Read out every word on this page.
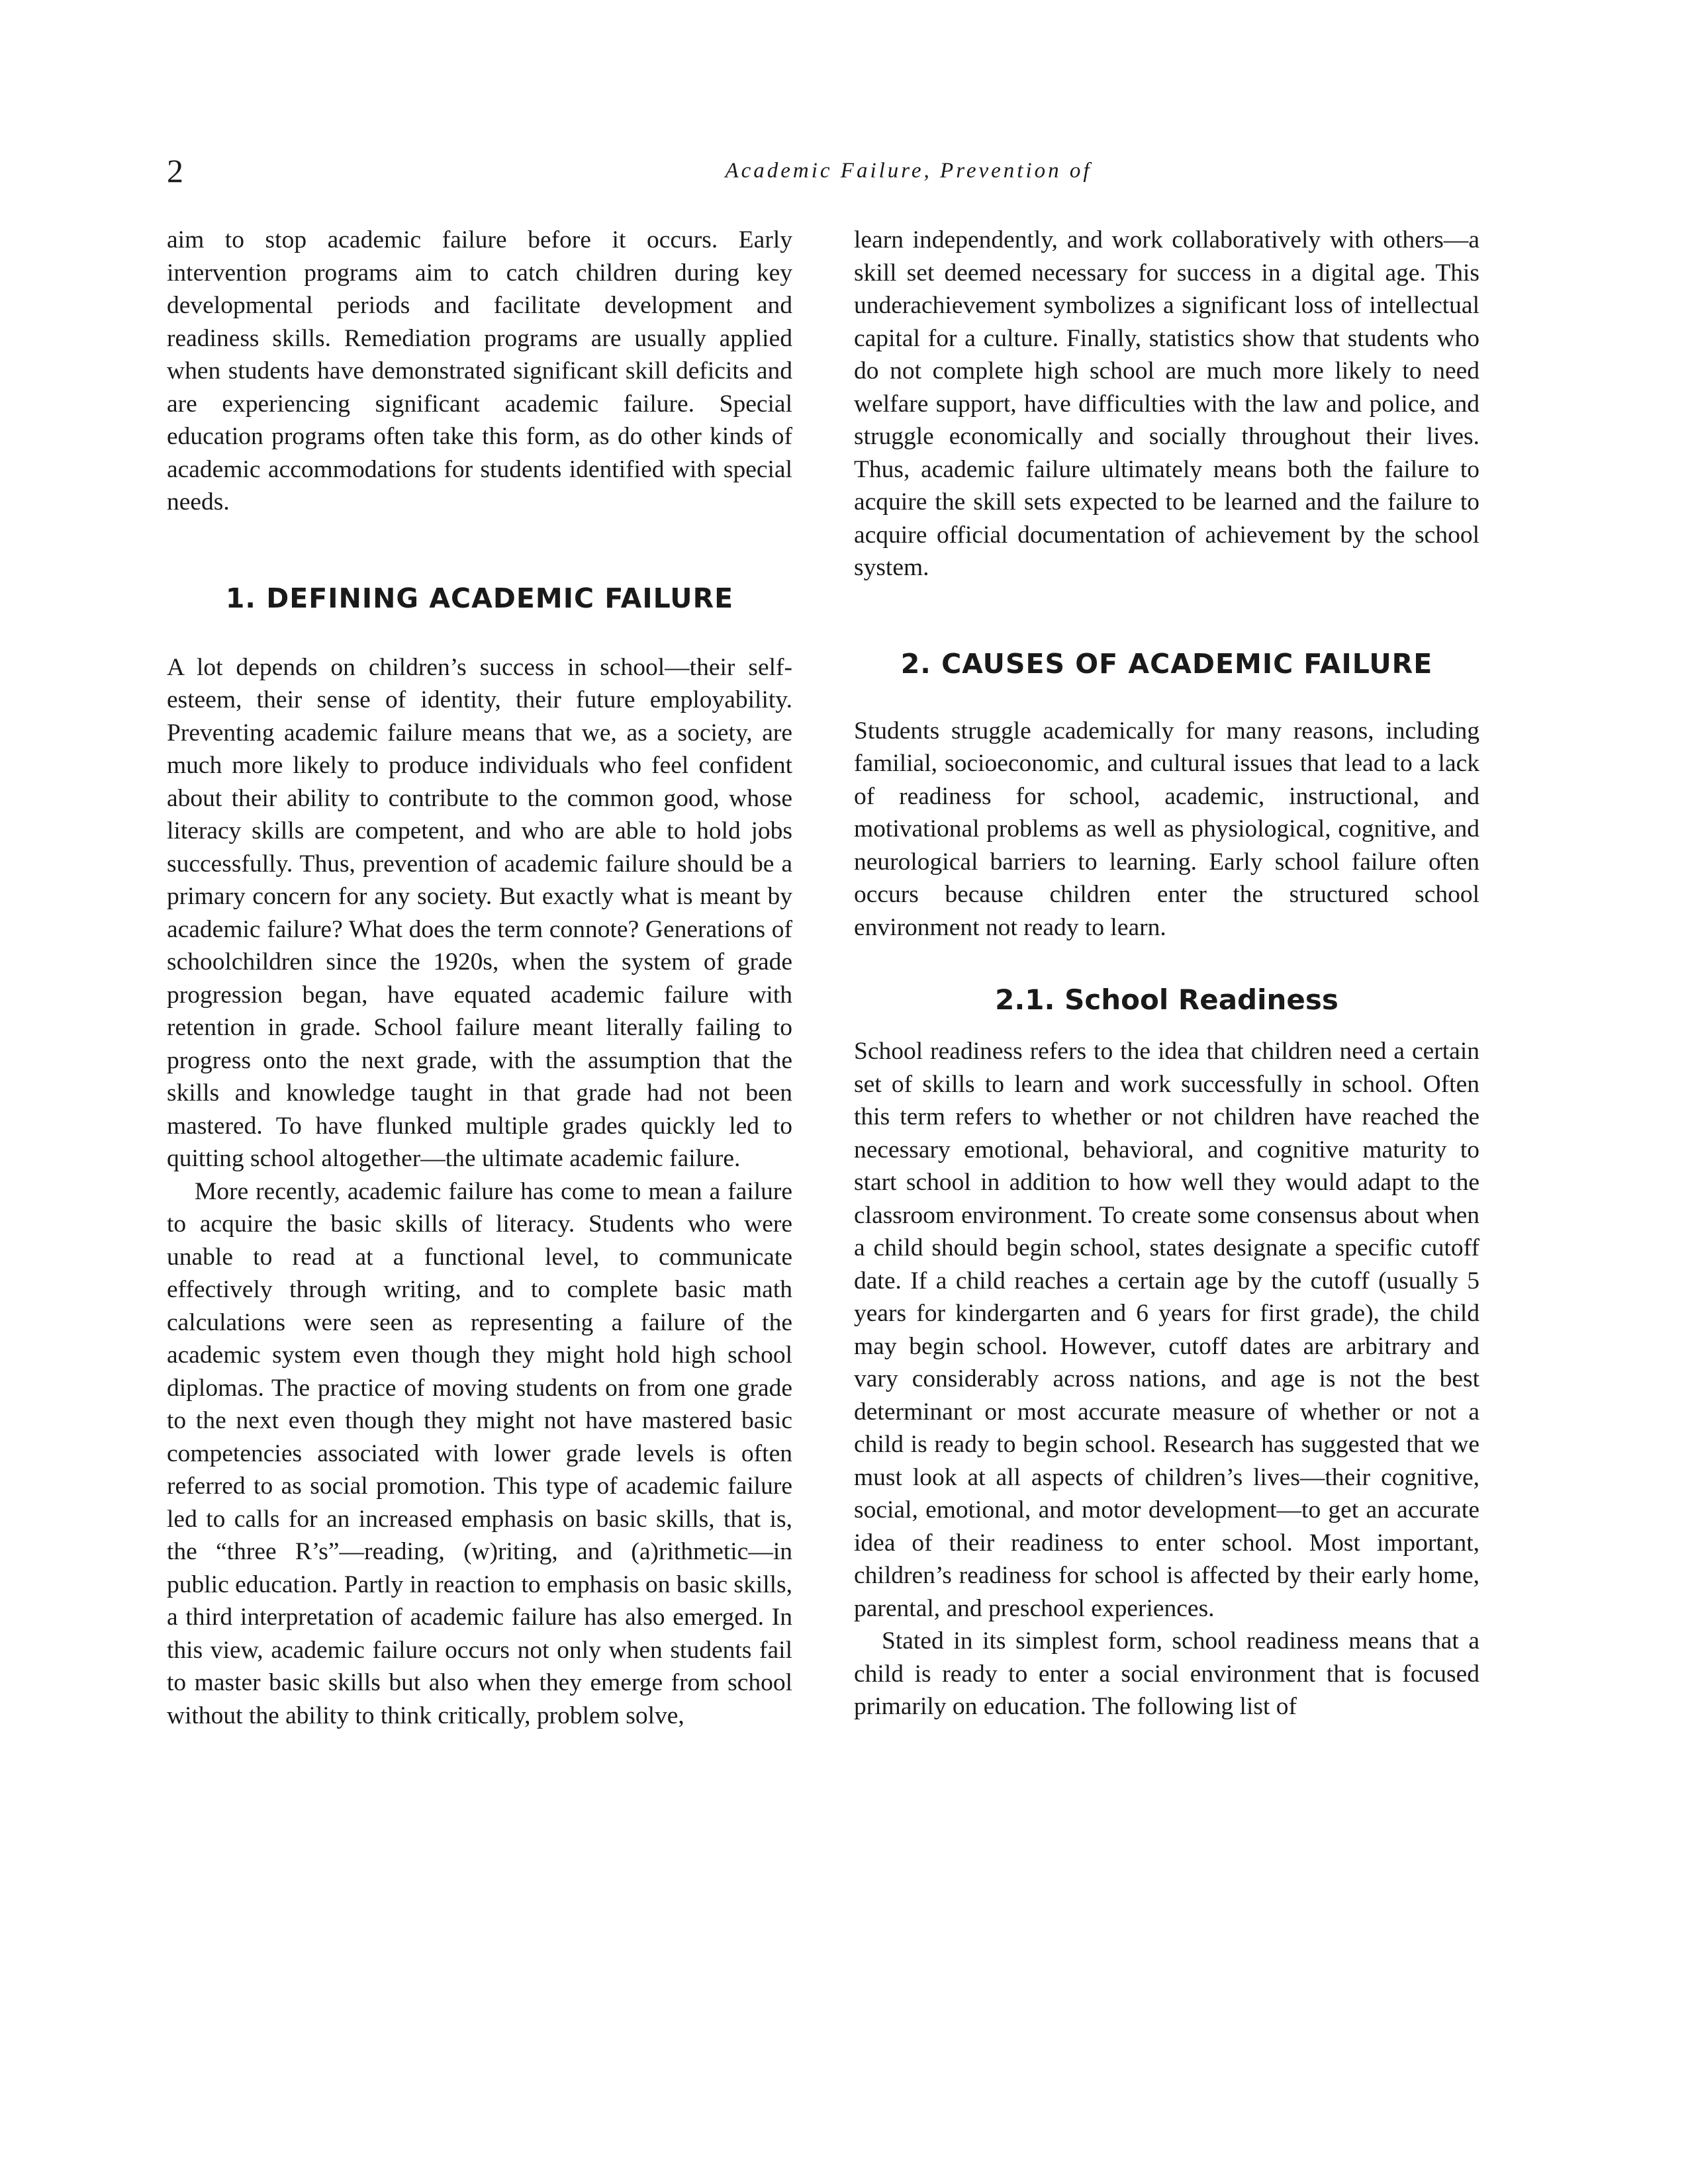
2	Academic Failure, Prevention of

aim to stop academic failure before it occurs. Early intervention programs aim to catch children during key developmental periods and facilitate development and readiness skills. Remediation programs are usually applied when students have demonstrated significant skill deficits and are experiencing significant academic failure. Special education programs often take this form, as do other kinds of academic accommodations for students identified with special needs.

1. DEFINING ACADEMIC FAILURE

A lot depends on children’s success in school—their self-esteem, their sense of identity, their future employability. Preventing academic failure means that we, as a society, are much more likely to produce individuals who feel confident about their ability to contribute to the common good, whose literacy skills are competent, and who are able to hold jobs successfully. Thus, prevention of academic failure should be a primary concern for any society. But exactly what is meant by academic failure? What does the term connote? Generations of schoolchildren since the 1920s, when the system of grade progression began, have equated academic failure with retention in grade. School failure meant literally failing to progress onto the next grade, with the assumption that the skills and knowledge taught in that grade had not been mastered. To have flunked multiple grades quickly led to quitting school altogether—the ultimate academic failure.

More recently, academic failure has come to mean a failure to acquire the basic skills of literacy. Students who were unable to read at a functional level, to communicate effectively through writing, and to complete basic math calculations were seen as representing a failure of the academic system even though they might hold high school diplomas. The practice of moving students on from one grade to the next even though they might not have mastered basic competencies associated with lower grade levels is often referred to as social promotion. This type of academic failure led to calls for an increased emphasis on basic skills, that is, the “three R’s”—reading, (w)riting, and (a)rithmetic—in public education. Partly in reaction to emphasis on basic skills, a third interpretation of academic failure has also emerged. In this view, academic failure occurs not only when students fail to master basic skills but also when they emerge from school without the ability to think critically, problem solve,

learn independently, and work collaboratively with others—a skill set deemed necessary for success in a digital age. This underachievement symbolizes a significant loss of intellectual capital for a culture. Finally, statistics show that students who do not complete high school are much more likely to need welfare support, have difficulties with the law and police, and struggle economically and socially throughout their lives. Thus, academic failure ultimately means both the failure to acquire the skill sets expected to be learned and the failure to acquire official documentation of achievement by the school system.

2. CAUSES OF ACADEMIC FAILURE

Students struggle academically for many reasons, including familial, socioeconomic, and cultural issues that lead to a lack of readiness for school, academic, instructional, and motivational problems as well as physiological, cognitive, and neurological barriers to learning. Early school failure often occurs because children enter the structured school environment not ready to learn.

2.1. School Readiness

School readiness refers to the idea that children need a certain set of skills to learn and work successfully in school. Often this term refers to whether or not children have reached the necessary emotional, behavioral, and cognitive maturity to start school in addition to how well they would adapt to the classroom environment. To create some consensus about when a child should begin school, states designate a specific cutoff date. If a child reaches a certain age by the cutoff (usually 5 years for kindergarten and 6 years for first grade), the child may begin school. However, cutoff dates are arbitrary and vary considerably across nations, and age is not the best determinant or most accurate measure of whether or not a child is ready to begin school. Research has suggested that we must look at all aspects of children’s lives—their cognitive, social, emotional, and motor development—to get an accurate idea of their readiness to enter school. Most important, children’s readiness for school is affected by their early home, parental, and preschool experiences.

Stated in its simplest form, school readiness means that a child is ready to enter a social environment that is focused primarily on education. The following list of
